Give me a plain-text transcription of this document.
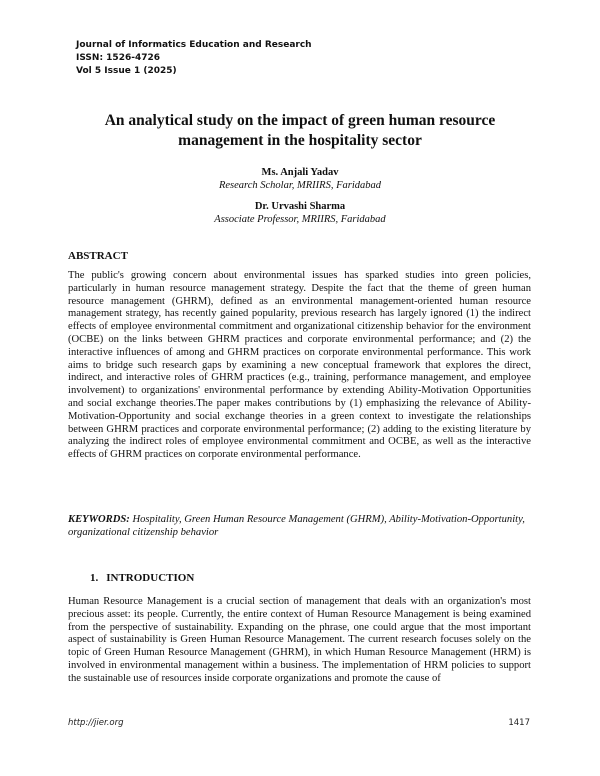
Journal of Informatics Education and Research
ISSN: 1526-4726
Vol 5 Issue 1 (2025)
An analytical study on the impact of green human resource
management in the hospitality sector
Ms. Anjali Yadav
Research Scholar, MRIIRS, Faridabad
Dr. Urvashi Sharma
Associate Professor, MRIIRS, Faridabad
ABSTRACT
The public's growing concern about environmental issues has sparked studies into green policies, particularly in human resource management strategy. Despite the fact that the theme of green human resource management (GHRM), defined as an environmental management-oriented human resource management strategy, has recently gained popularity, previous research has largely ignored (1) the indirect effects of employee environmental commitment and organizational citizenship behavior for the environment (OCBE) on the links between GHRM practices and corporate environmental performance; and (2) the interactive influences of among and GHRM practices on corporate environmental performance. This work aims to bridge such research gaps by examining a new conceptual framework that explores the direct, indirect, and interactive roles of GHRM practices (e.g., training, performance management, and employee involvement) to organizations' environmental performance by extending Ability-Motivation Opportunities and social exchange theories.The paper makes contributions by (1) emphasizing the relevance of Ability-Motivation-Opportunity and social exchange theories in a green context to investigate the relationships between GHRM practices and corporate environmental performance; (2) adding to the existing literature by analyzing the indirect roles of employee environmental commitment and OCBE, as well as the interactive effects of GHRM practices on corporate environmental performance.
KEYWORDS: Hospitality, Green Human Resource Management (GHRM), Ability-Motivation-Opportunity, organizational citizenship behavior
1. INTRODUCTION
Human Resource Management is a crucial section of management that deals with an organization's most precious asset: its people. Currently, the entire context of Human Resource Management is being examined from the perspective of sustainability. Expanding on the phrase, one could argue that the most important aspect of sustainability is Green Human Resource Management. The current research focuses solely on the topic of Green Human Resource Management (GHRM), in which Human Resource Management (HRM) is involved in environmental management within a business. The implementation of HRM policies to support the sustainable use of resources inside corporate organizations and promote the cause of
http://jier.org	1417
